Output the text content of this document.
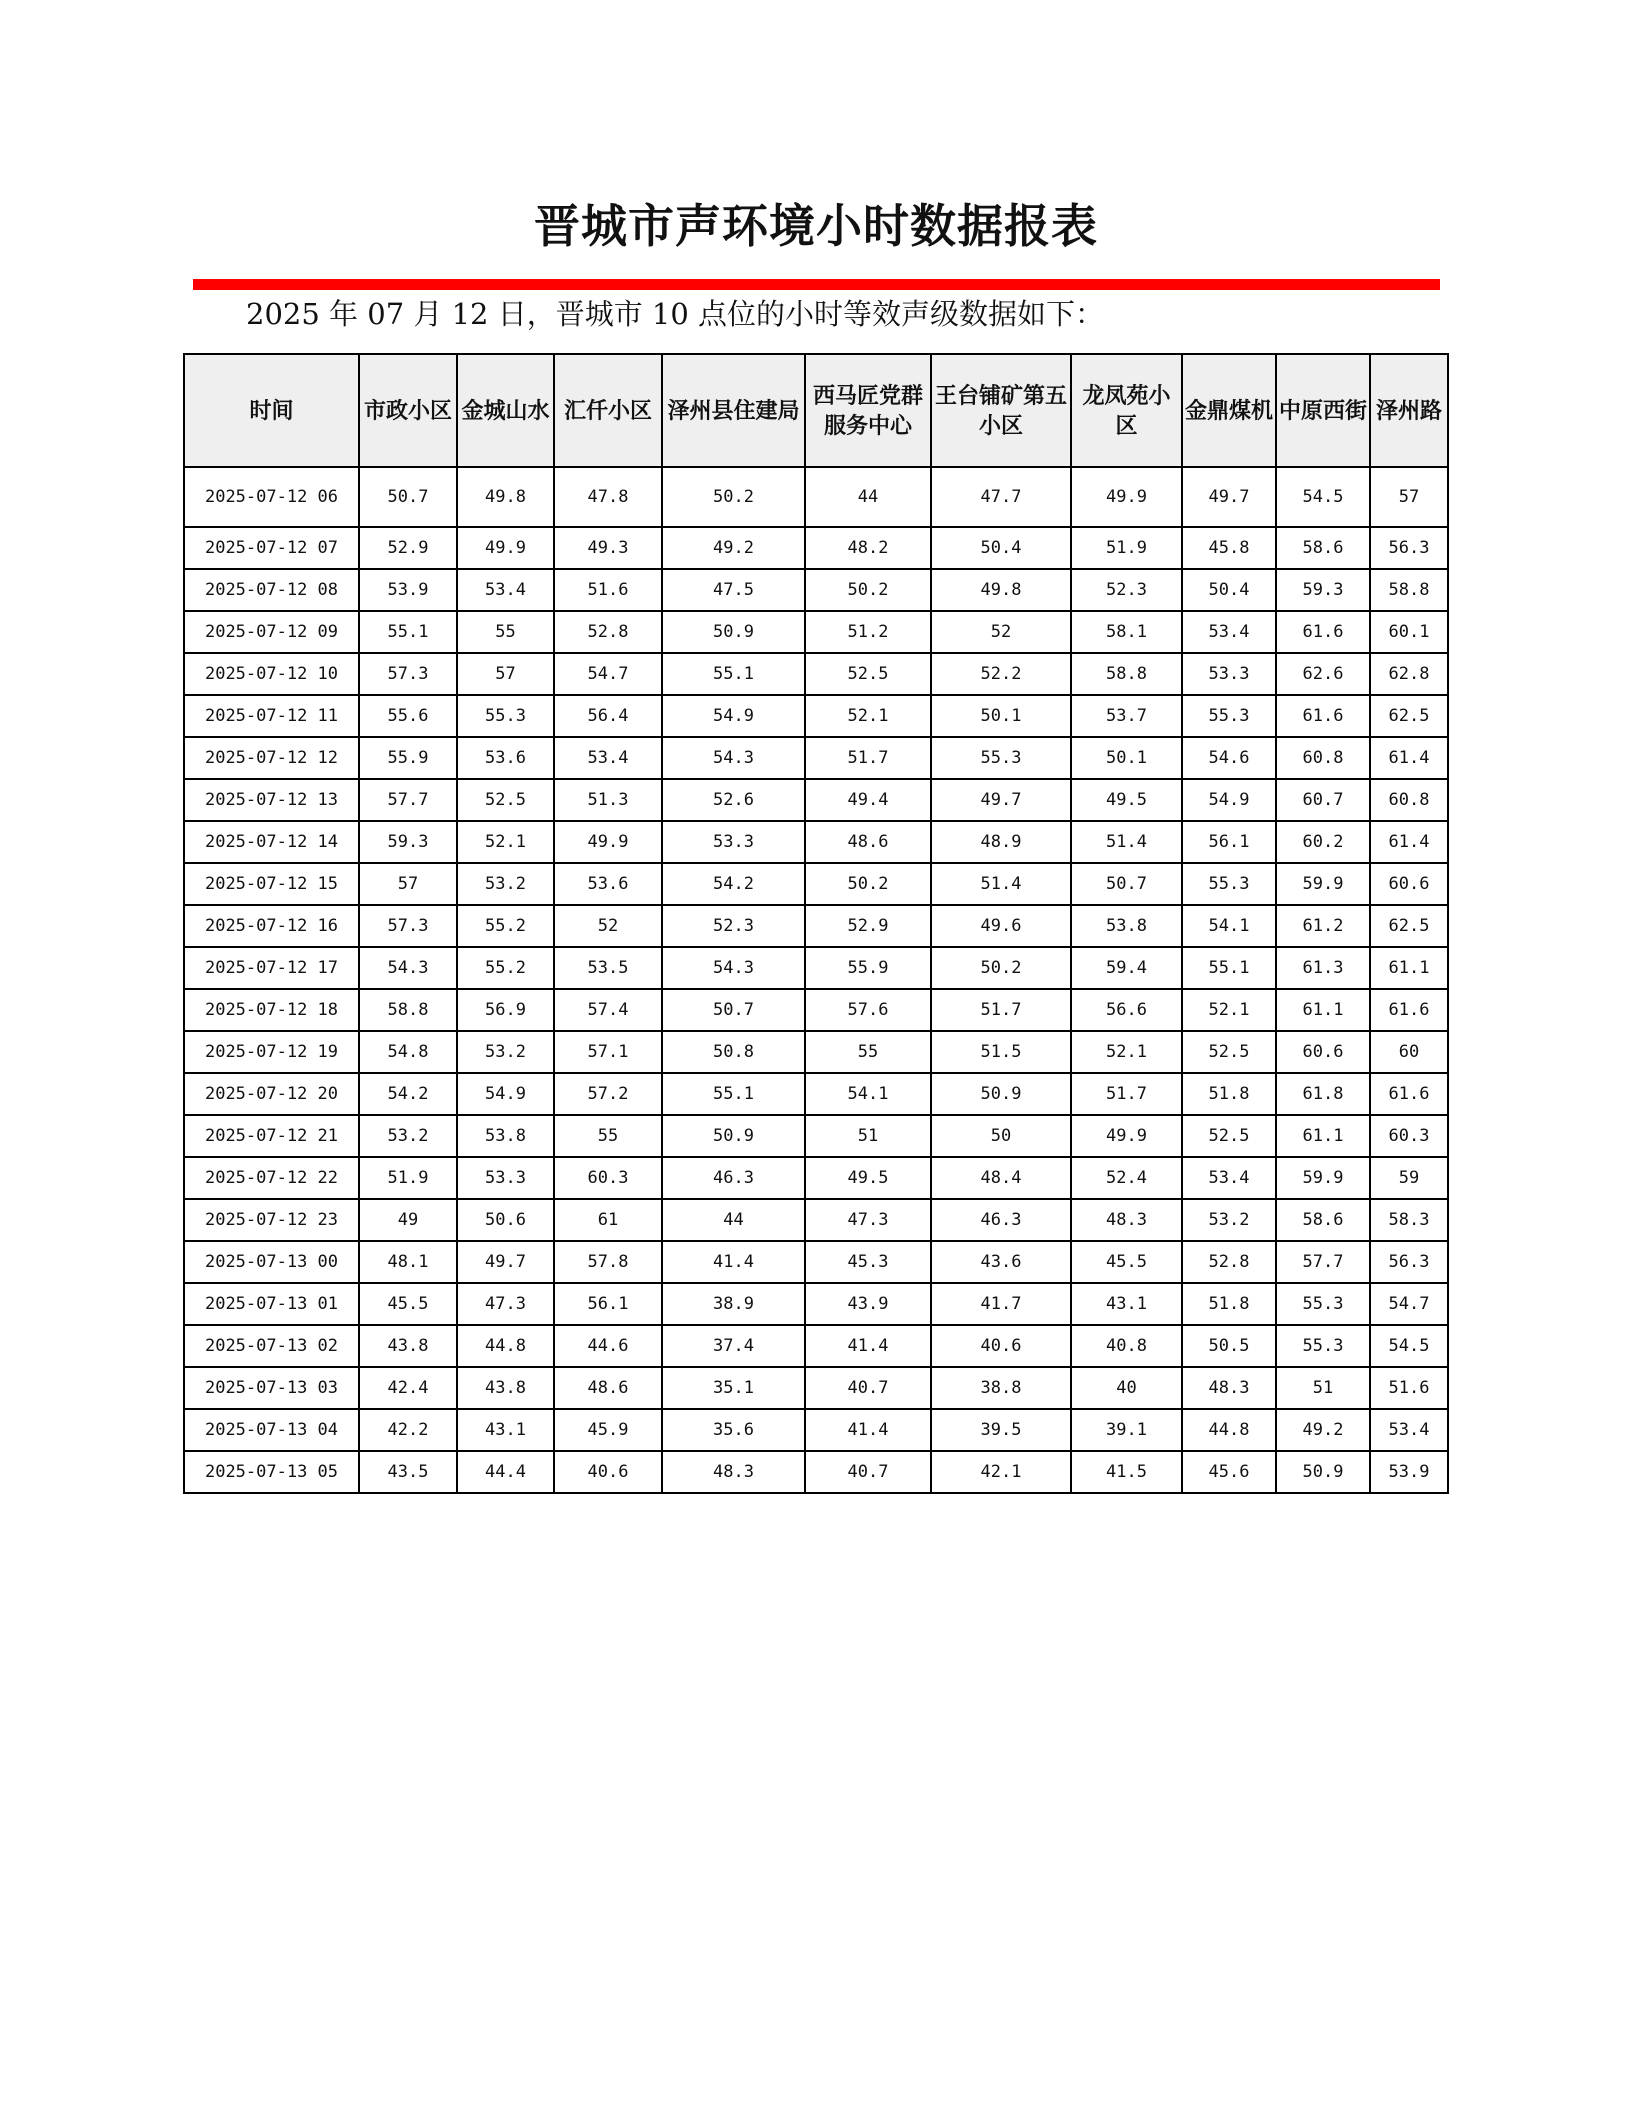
晋城市声环境小时数据报表
2025 年 07 月 12 日，晋城市 10 点位的小时等效声级数据如下：
时间	市政小区	金城山水	汇仟小区	泽州县住建局	西马匠党群服务中心	王台铺矿第五小区	龙凤苑小区	金鼎煤机	中原西街	泽州路
2025-07-12 06	50.7	49.8	47.8	50.2	44	47.7	49.9	49.7	54.5	57
2025-07-12 07	52.9	49.9	49.3	49.2	48.2	50.4	51.9	45.8	58.6	56.3
2025-07-12 08	53.9	53.4	51.6	47.5	50.2	49.8	52.3	50.4	59.3	58.8
2025-07-12 09	55.1	55	52.8	50.9	51.2	52	58.1	53.4	61.6	60.1
2025-07-12 10	57.3	57	54.7	55.1	52.5	52.2	58.8	53.3	62.6	62.8
2025-07-12 11	55.6	55.3	56.4	54.9	52.1	50.1	53.7	55.3	61.6	62.5
2025-07-12 12	55.9	53.6	53.4	54.3	51.7	55.3	50.1	54.6	60.8	61.4
2025-07-12 13	57.7	52.5	51.3	52.6	49.4	49.7	49.5	54.9	60.7	60.8
2025-07-12 14	59.3	52.1	49.9	53.3	48.6	48.9	51.4	56.1	60.2	61.4
2025-07-12 15	57	53.2	53.6	54.2	50.2	51.4	50.7	55.3	59.9	60.6
2025-07-12 16	57.3	55.2	52	52.3	52.9	49.6	53.8	54.1	61.2	62.5
2025-07-12 17	54.3	55.2	53.5	54.3	55.9	50.2	59.4	55.1	61.3	61.1
2025-07-12 18	58.8	56.9	57.4	50.7	57.6	51.7	56.6	52.1	61.1	61.6
2025-07-12 19	54.8	53.2	57.1	50.8	55	51.5	52.1	52.5	60.6	60
2025-07-12 20	54.2	54.9	57.2	55.1	54.1	50.9	51.7	51.8	61.8	61.6
2025-07-12 21	53.2	53.8	55	50.9	51	50	49.9	52.5	61.1	60.3
2025-07-12 22	51.9	53.3	60.3	46.3	49.5	48.4	52.4	53.4	59.9	59
2025-07-12 23	49	50.6	61	44	47.3	46.3	48.3	53.2	58.6	58.3
2025-07-13 00	48.1	49.7	57.8	41.4	45.3	43.6	45.5	52.8	57.7	56.3
2025-07-13 01	45.5	47.3	56.1	38.9	43.9	41.7	43.1	51.8	55.3	54.7
2025-07-13 02	43.8	44.8	44.6	37.4	41.4	40.6	40.8	50.5	55.3	54.5
2025-07-13 03	42.4	43.8	48.6	35.1	40.7	38.8	40	48.3	51	51.6
2025-07-13 04	42.2	43.1	45.9	35.6	41.4	39.5	39.1	44.8	49.2	53.4
2025-07-13 05	43.5	44.4	40.6	48.3	40.7	42.1	41.5	45.6	50.9	53.9
